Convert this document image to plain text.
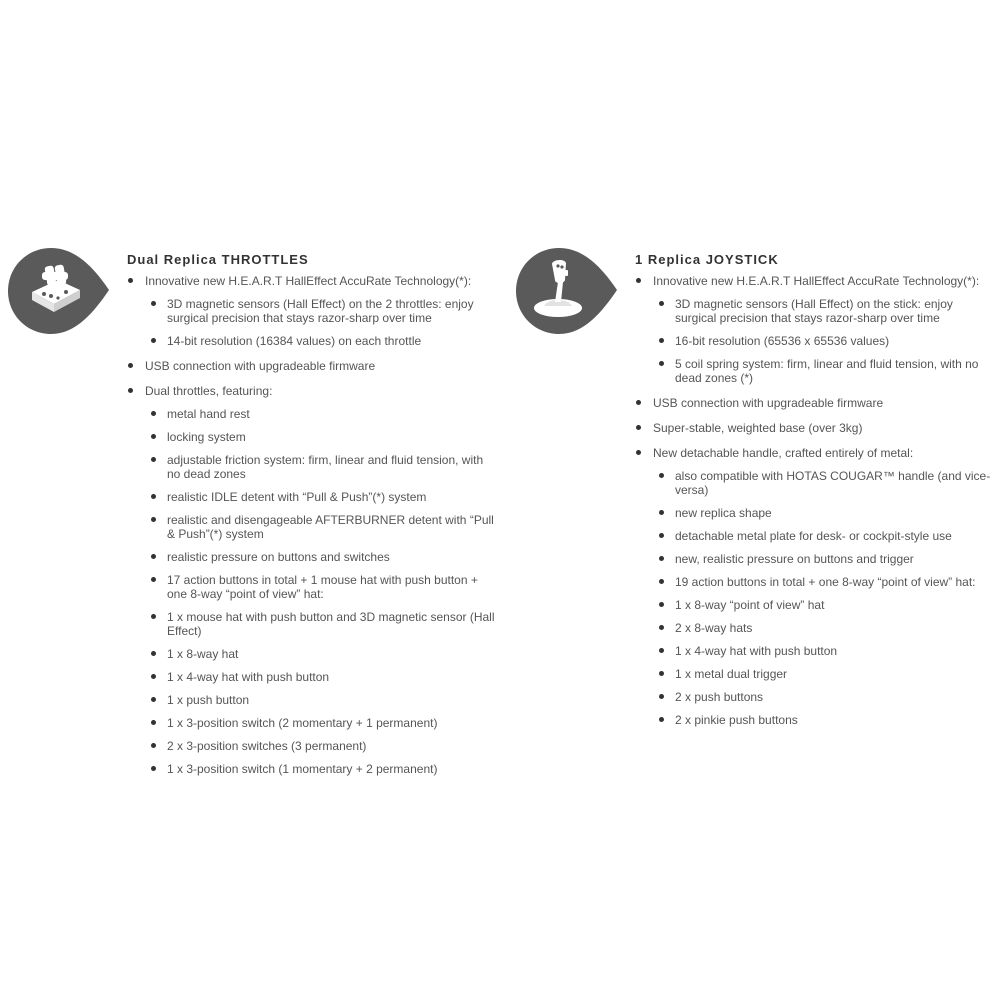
Dual Replica THROTTLES
Innovative new H.E.A.R.T HallEffect AccuRate Technology(*):
3D magnetic sensors (Hall Effect) on the 2 throttles: enjoy surgical precision that stays razor-sharp over time
14-bit resolution (16384 values) on each throttle
USB connection with upgradeable firmware
Dual throttles, featuring:
metal hand rest
locking system
adjustable friction system: firm, linear and fluid tension, with no dead zones
realistic IDLE detent with “Pull & Push”(*) system
realistic and disengageable AFTERBURNER detent with “Pull & Push”(*) system
realistic pressure on buttons and switches
17 action buttons in total + 1 mouse hat with push button + one 8-way “point of view” hat:
1 x mouse hat with push button and 3D magnetic sensor (Hall Effect)
1 x 8-way hat
1 x 4-way hat with push button
1 x push button
1 x 3-position switch (2 momentary + 1 permanent)
2 x 3-position switches (3 permanent)
1 x 3-position switch (1 momentary + 2 permanent)
1 Replica JOYSTICK
Innovative new H.E.A.R.T HallEffect AccuRate Technology(*):
3D magnetic sensors (Hall Effect) on the stick: enjoy surgical precision that stays razor-sharp over time
16-bit resolution (65536 x 65536 values)
5 coil spring system: firm, linear and fluid tension, with no dead zones (*)
USB connection with upgradeable firmware
Super-stable, weighted base (over 3kg)
New detachable handle, crafted entirely of metal:
also compatible with HOTAS COUGAR™ handle (and vice-versa)
new replica shape
detachable metal plate for desk- or cockpit-style use
new, realistic pressure on buttons and trigger
19 action buttons in total + one 8-way “point of view” hat:
1 x 8-way “point of view” hat
2 x 8-way hats
1 x 4-way hat with push button
1 x metal dual trigger
2 x push buttons
2 x pinkie push buttons
